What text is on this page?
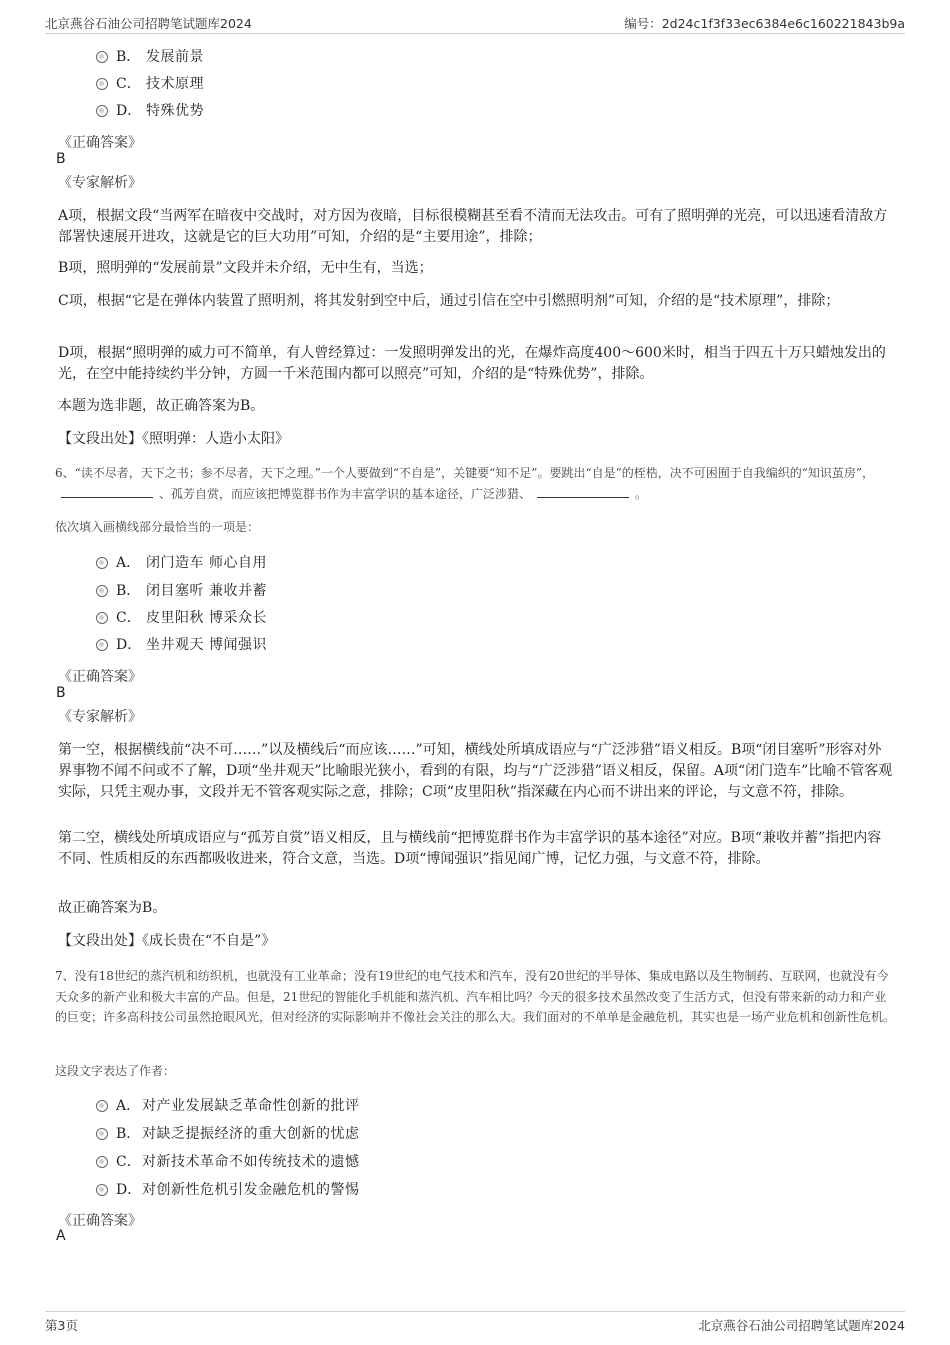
北京燕谷石油公司招聘笔试题库2024	编号：2d24c1f3f33ec6384e6c160221843b9a
B． 发展前景
C． 技术原理
D． 特殊优势
《正确答案》
B
《专家解析》
A项，根据文段“当两军在暗夜中交战时，对方因为夜暗，目标很模糊甚至看不清而无法攻击。可有了照明弹的光亮，可以迅速看清敌方部署快速展开进攻，这就是它的巨大功用”可知，介绍的是“主要用途”，排除；
B项，照明弹的“发展前景”文段并未介绍，无中生有，当选；
C项，根据“它是在弹体内装置了照明剂，将其发射到空中后，通过引信在空中引燃照明剂”可知，介绍的是“技术原理”，排除；
D项，根据“照明弹的威力可不简单，有人曾经算过：一发照明弹发出的光，在爆炸高度400～600米时，相当于四五十万只蜡烛发出的光，在空中能持续约半分钟，方圆一千米范围内都可以照亮”可知，介绍的是“特殊优势”，排除。
本题为选非题，故正确答案为B。
【文段出处】《照明弹：人造小太阳》
6、“读不尽者，天下之书；参不尽者，天下之理。”一个人要做到“不自是”，关键要“知不足”。要跳出“自是”的桎梏，决不可困囿于自我编织的“知识茧房”，、孤芳自赏，而应该把博览群书作为丰富学识的基本途径，广泛涉猎、	。
依次填入画横线部分最恰当的一项是：
A． 闭门造车 师心自用
B． 闭目塞听 兼收并蓄
C． 皮里阳秋 博采众长
D． 坐井观天 博闻强识
《正确答案》
B
《专家解析》
第一空，根据横线前“决不可……”以及横线后“而应该……”可知，横线处所填成语应与“广泛涉猎”语义相反。B项“闭目塞听”形容对外界事物不闻不问或不了解，D项“坐井观天”比喻眼光狭小，看到的有限，均与“广泛涉猎”语义相反，保留。A项“闭门造车”比喻不管客观实际，只凭主观办事，文段并无不管客观实际之意，排除；C项“皮里阳秋”指深藏在内心而不讲出来的评论，与文意不符，排除。
第二空，横线处所填成语应与“孤芳自赏”语义相反，且与横线前“把博览群书作为丰富学识的基本途径”对应。B项“兼收并蓄”指把内容不同、性质相反的东西都吸收进来，符合文意，当选。D项“博闻强识”指见闻广博，记忆力强，与文意不符，排除。
故正确答案为B。
【文段出处】《成长贵在“不自是”》
7、没有18世纪的蒸汽机和纺织机，也就没有工业革命；没有19世纪的电气技术和汽车，没有20世纪的半导体、集成电路以及生物制药、互联网，也就没有今天众多的新产业和极大丰富的产品。但是，21世纪的智能化手机能和蒸汽机、汽车相比吗？今天的很多技术虽然改变了生活方式，但没有带来新的动力和产业的巨变；许多高科技公司虽然抢眼风光，但对经济的实际影响并不像社会关注的那么大。我们面对的不单单是金融危机，其实也是一场产业危机和创新性危机。
这段文字表达了作者：
A． 对产业发展缺乏革命性创新的批评
B． 对缺乏提振经济的重大创新的忧虑
C．对新技术革命不如传统技术的遗憾
D．对创新性危机引发金融危机的警惕
《正确答案》
A
第3页	北京燕谷石油公司招聘笔试题库2024
